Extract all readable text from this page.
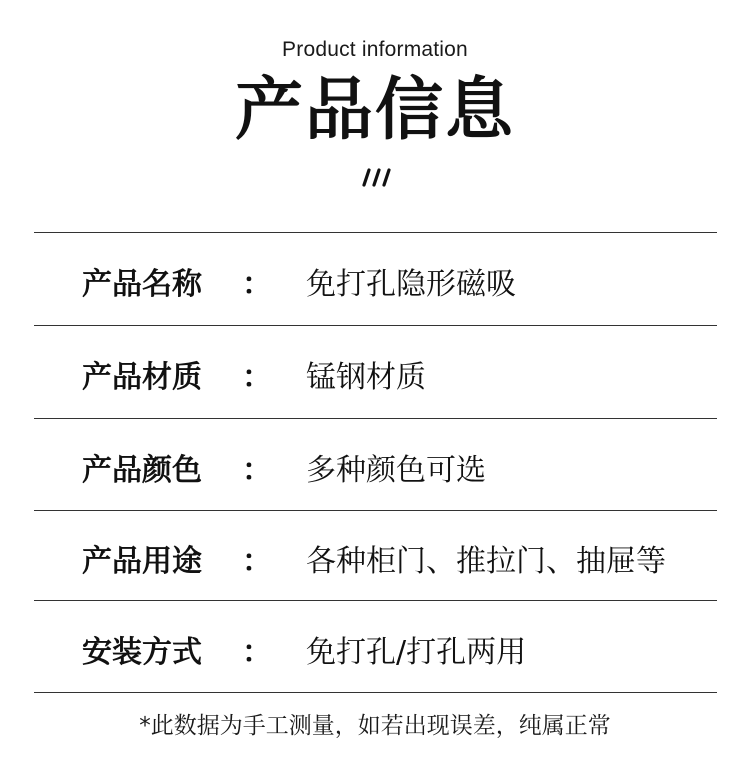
Product information
产品信息
产品名称 ： 免打孔隐形磁吸
产品材质 ： 锰钢材质
产品颜色 ： 多种颜色可选
产品用途 ： 各种柜门、推拉门、抽屉等
安装方式 ： 免打孔/打孔两用
*此数据为手工测量，如若出现误差，纯属正常
